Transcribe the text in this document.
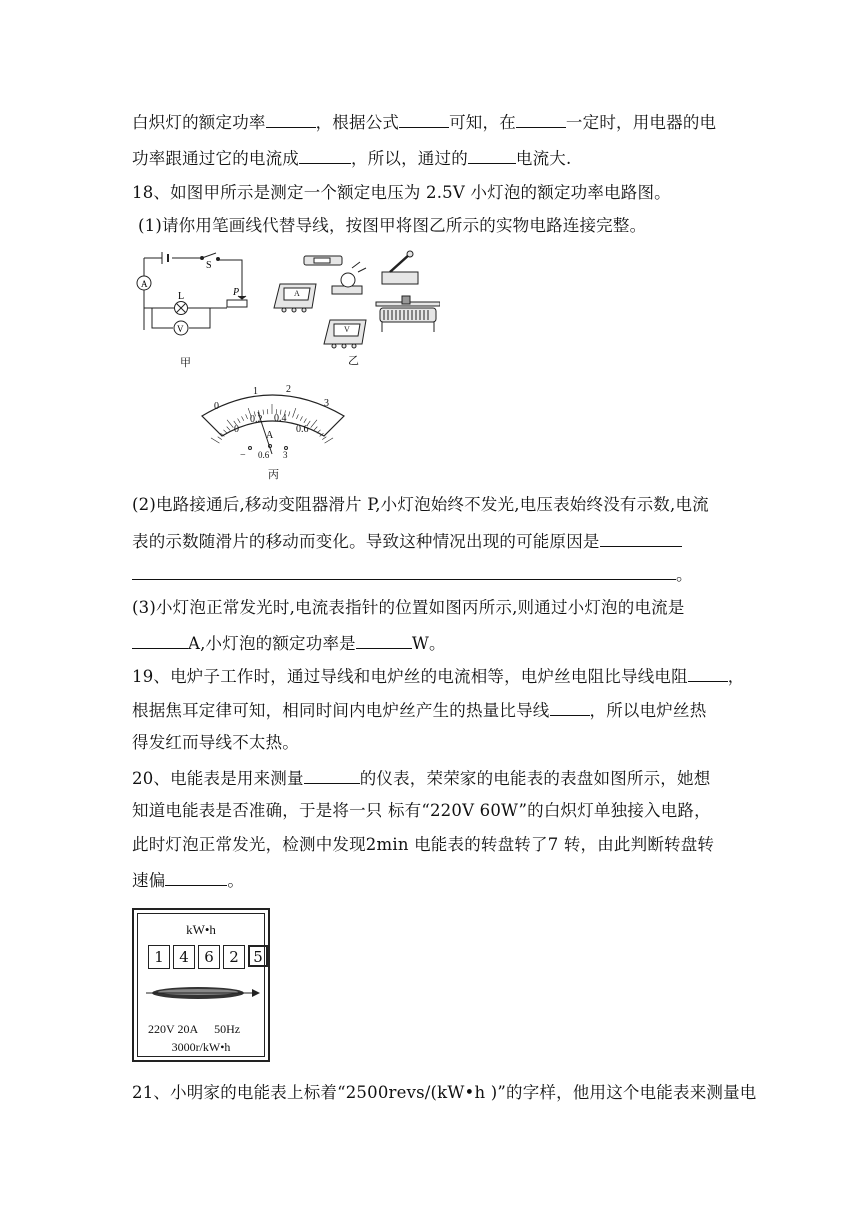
白炽灯的额定功率	，根据公式	可知，在	一定时，用电器的电
功率跟通过它的电流成	，所以，通过的	电流大.
18、如图甲所示是测定一个额定电压为 2.5V 小灯泡的额定功率电路图。
(1)请你用笔画线代替导线，按图甲将图乙所示的实物电路连接完整。
A
V
L
S
P
甲
A
V
乙
0
1	2
3
0
0.2 0.4
0.6
A
− 0.6 3
丙
(2)电路接通后,移动变阻器滑片 P,小灯泡始终不发光,电压表始终没有示数,电流
表的示数随滑片的移动而变化。导致这种情况出现的可能原因是
。
(3)小灯泡正常发光时,电流表指针的位置如图丙所示,则通过小灯泡的电流是
A,小灯泡的额定功率是	W。
19、电炉子工作时，通过导线和电炉丝的电流相等，电炉丝电阻比导线电阻 ，
根据焦耳定律可知，相同时间内电炉丝产生的热量比导线 ，所以电炉丝热
得发红而导线不太热。
20、电能表是用来测量	的仪表，荣荣家的电能表的表盘如图所示，她想
知道电能表是否准确，于是将一只 标有“220V 60W”的白炽灯单独接入电路，
此时灯泡正常发光，检测中发现2min 电能表的转盘转了7 转，由此判断转盘转
速偏	。
kW•h
1	4	6	2 5
220V 20A 50Hz
3000r/kW•h
21、小明家的电能表上标着“2500revs/(kW•h )”的字样，他用这个电能表来测量电
